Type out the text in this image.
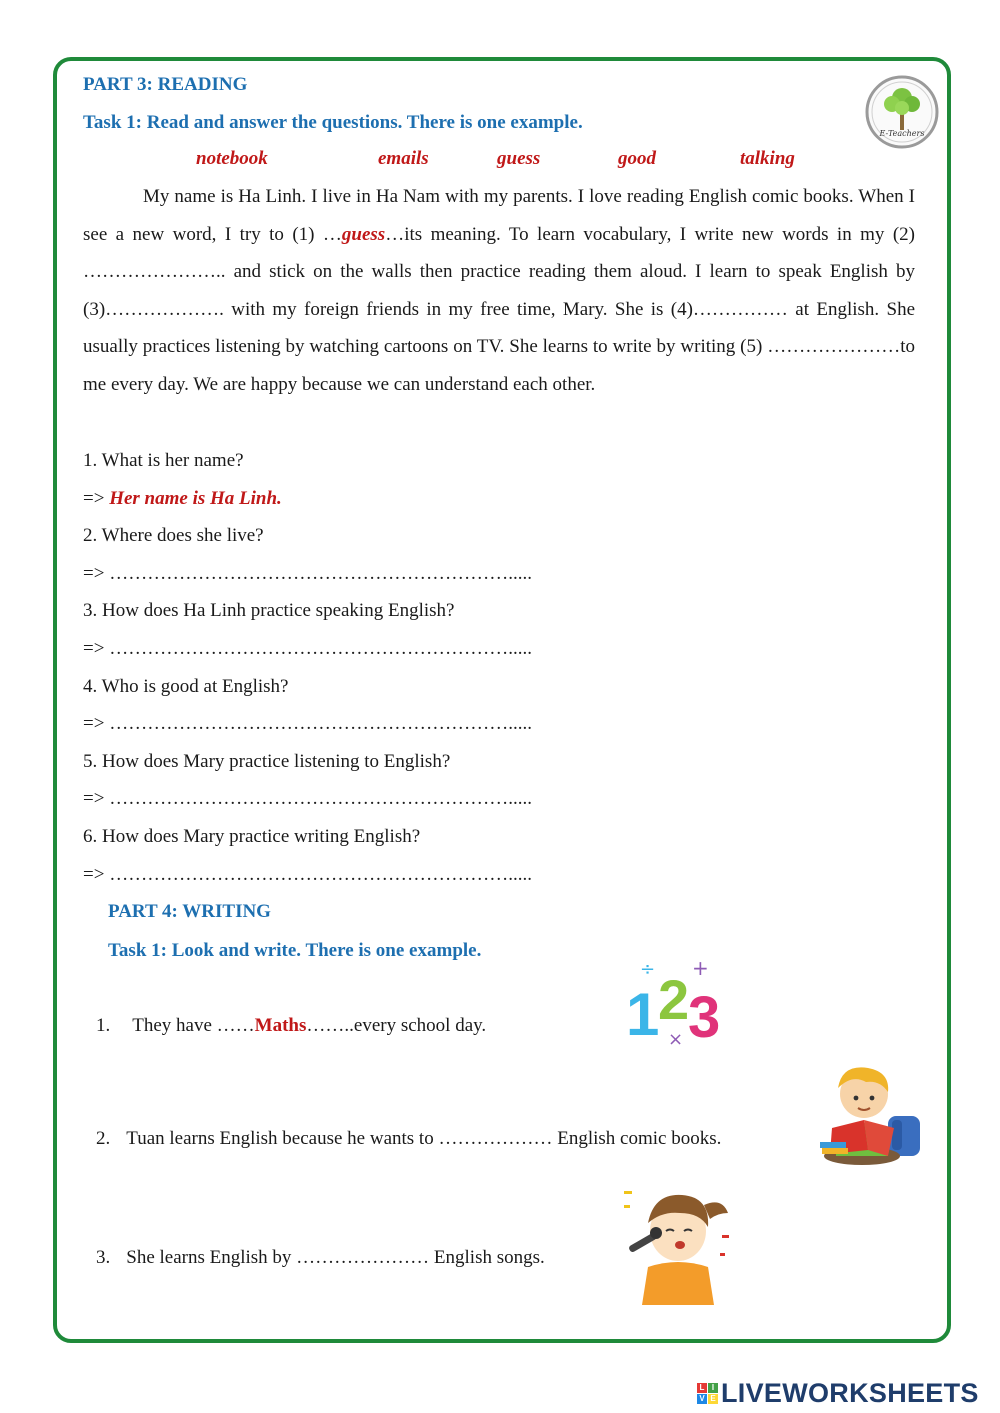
E-Teachers
PART 3: READING
Task 1: Read and answer the questions. There is one example.
notebook	emails	guess	good	talking

My name is Ha Linh. I live in Ha Nam with my parents. I love reading English comic books. When I see a new word, I try to (1) …guess…its meaning. To learn vocabulary, I write new words in my (2) ………………….. and stick on the walls then practice reading them aloud. I learn to speak English by (3)………………. with my foreign friends in my free time, Mary. She is (4)…………… at English. She usually practices listening by watching cartoons on TV. She learns to write by writing (5) …………………to me every day. We are happy because we can understand each other.

1. What is her name?
=> Her name is Ha Linh.
2. Where does she live?
=> ……………………………………………………….....
3. How does Ha Linh practice speaking English?
=> ……………………………………………………….....
4. Who is good at English?
=> ……………………………………………………….....
5. How does Mary practice listening to English?
=> ……………………………………………………….....
6. How does Mary practice writing English?
=> ……………………………………………………….....
PART 4: WRITING
Task 1: Look and write. There is one example.
1. They have ……Maths……..every school day.
2. Tuan learns English because he wants to ……………… English comic books.
3. She learns English by ………………… English songs.
1
2
3
÷ +
×
L I
V E LIVEWORKSHEETS
